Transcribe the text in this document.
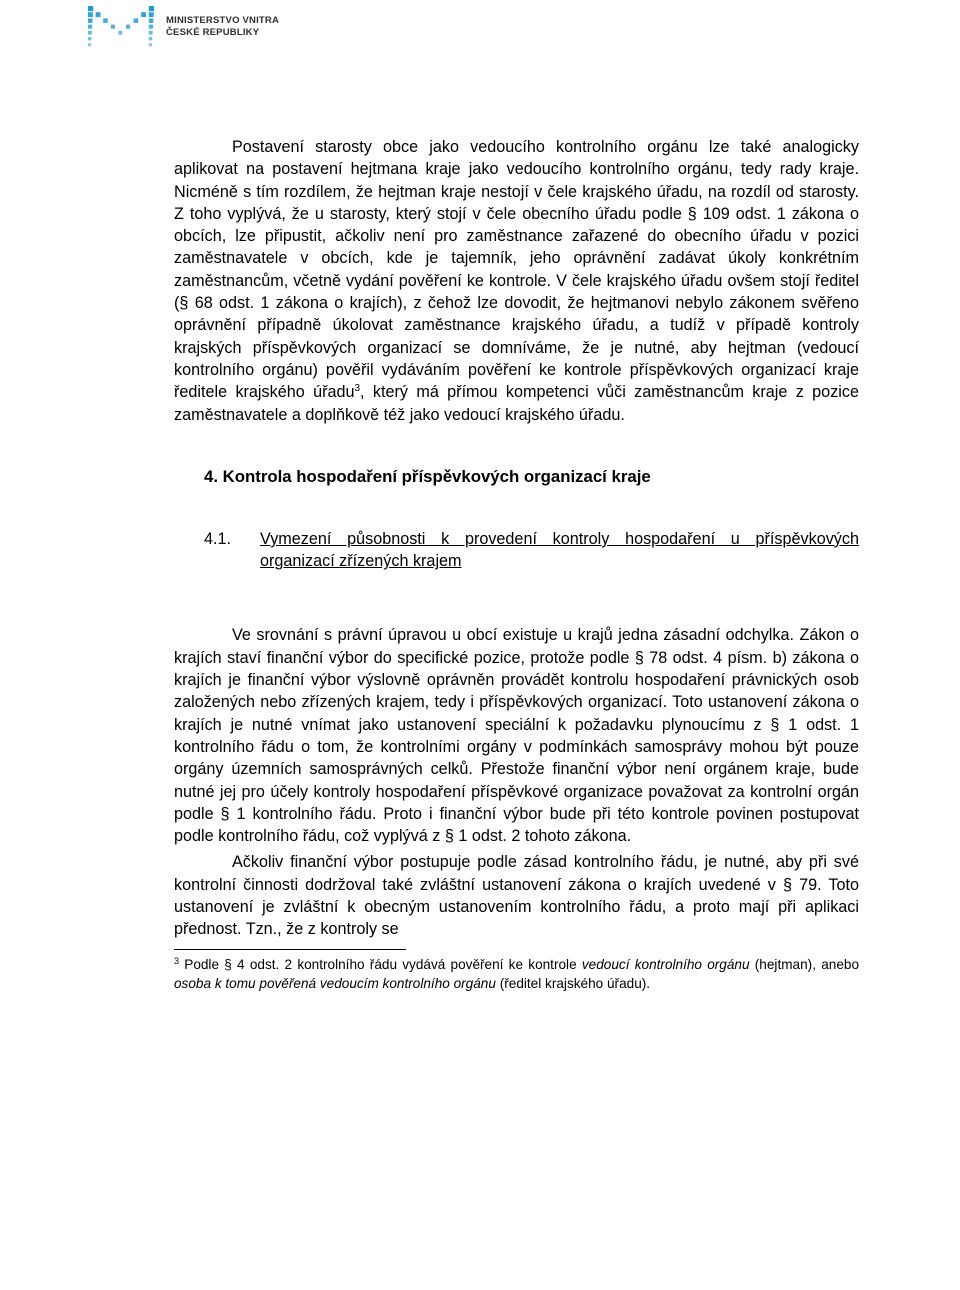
MINISTERSTVO VNITRA
ČESKÉ REPUBLIKY

Postavení starosty obce jako vedoucího kontrolního orgánu lze také analogicky aplikovat na postavení hejtmana kraje jako vedoucího kontrolního orgánu, tedy rady kraje. Nicméně s tím rozdílem, že hejtman kraje nestojí v čele krajského úřadu, na rozdíl od starosty. Z toho vyplývá, že u starosty, který stojí v čele obecního úřadu podle § 109 odst. 1 zákona o obcích, lze připustit, ačkoliv není pro zaměstnance zařazené do obecního úřadu v pozici zaměstnavatele v obcích, kde je tajemník, jeho oprávnění zadávat úkoly konkrétním zaměstnancům, včetně vydání pověření ke kontrole. V čele krajského úřadu ovšem stojí ředitel (§ 68 odst. 1 zákona o krajích), z čehož lze dovodit, že hejtmanovi nebylo zákonem svěřeno oprávnění případně úkolovat zaměstnance krajského úřadu, a tudíž v případě kontroly krajských příspěvkových organizací se domníváme, že je nutné, aby hejtman (vedoucí kontrolního orgánu) pověřil vydáváním pověření ke kontrole příspěvkových organizací kraje ředitele krajského úřadu$^3$, který má přímou kompetenci vůči zaměstnancům kraje z pozice zaměstnavatele a doplňkově též jako vedoucí krajského úřadu.

4. Kontrola hospodaření příspěvkových organizací kraje
4.1.	Vymezení působnosti k provedení kontroly hospodaření u příspěvkových organizací zřízených krajem

Ve srovnání s právní úpravou u obcí existuje u krajů jedna zásadní odchylka. Zákon o krajích staví finanční výbor do specifické pozice, protože podle § 78 odst. 4 písm. b) zákona o krajích je finanční výbor výslovně oprávněn provádět kontrolu hospodaření právnických osob založených nebo zřízených krajem, tedy i příspěvkových organizací. Toto ustanovení zákona o krajích je nutné vnímat jako ustanovení speciální k požadavku plynoucímu z § 1 odst. 1 kontrolního řádu o tom, že kontrolními orgány v podmínkách samosprávy mohou být pouze orgány územních samosprávných celků. Přestože finanční výbor není orgánem kraje, bude nutné jej pro účely kontroly hospodaření příspěvkové organizace považovat za kontrolní orgán podle § 1 kontrolního řádu. Proto i finanční výbor bude při této kontrole povinen postupovat podle kontrolního řádu, což vyplývá z § 1 odst. 2 tohoto zákona.

Ačkoliv finanční výbor postupuje podle zásad kontrolního řádu, je nutné, aby při své kontrolní činnosti dodržoval také zvláštní ustanovení zákona o krajích uvedené v § 79. Toto ustanovení je zvláštní k obecným ustanovením kontrolního řádu, a proto mají při aplikaci přednost. Tzn., že z kontroly se

$^3$ Podle § 4 odst. 2 kontrolního řádu vydává pověření ke kontrole vedoucí kontrolního orgánu (hejtman), anebo osoba k tomu pověřená vedoucím kontrolního orgánu (ředitel krajského úřadu).
